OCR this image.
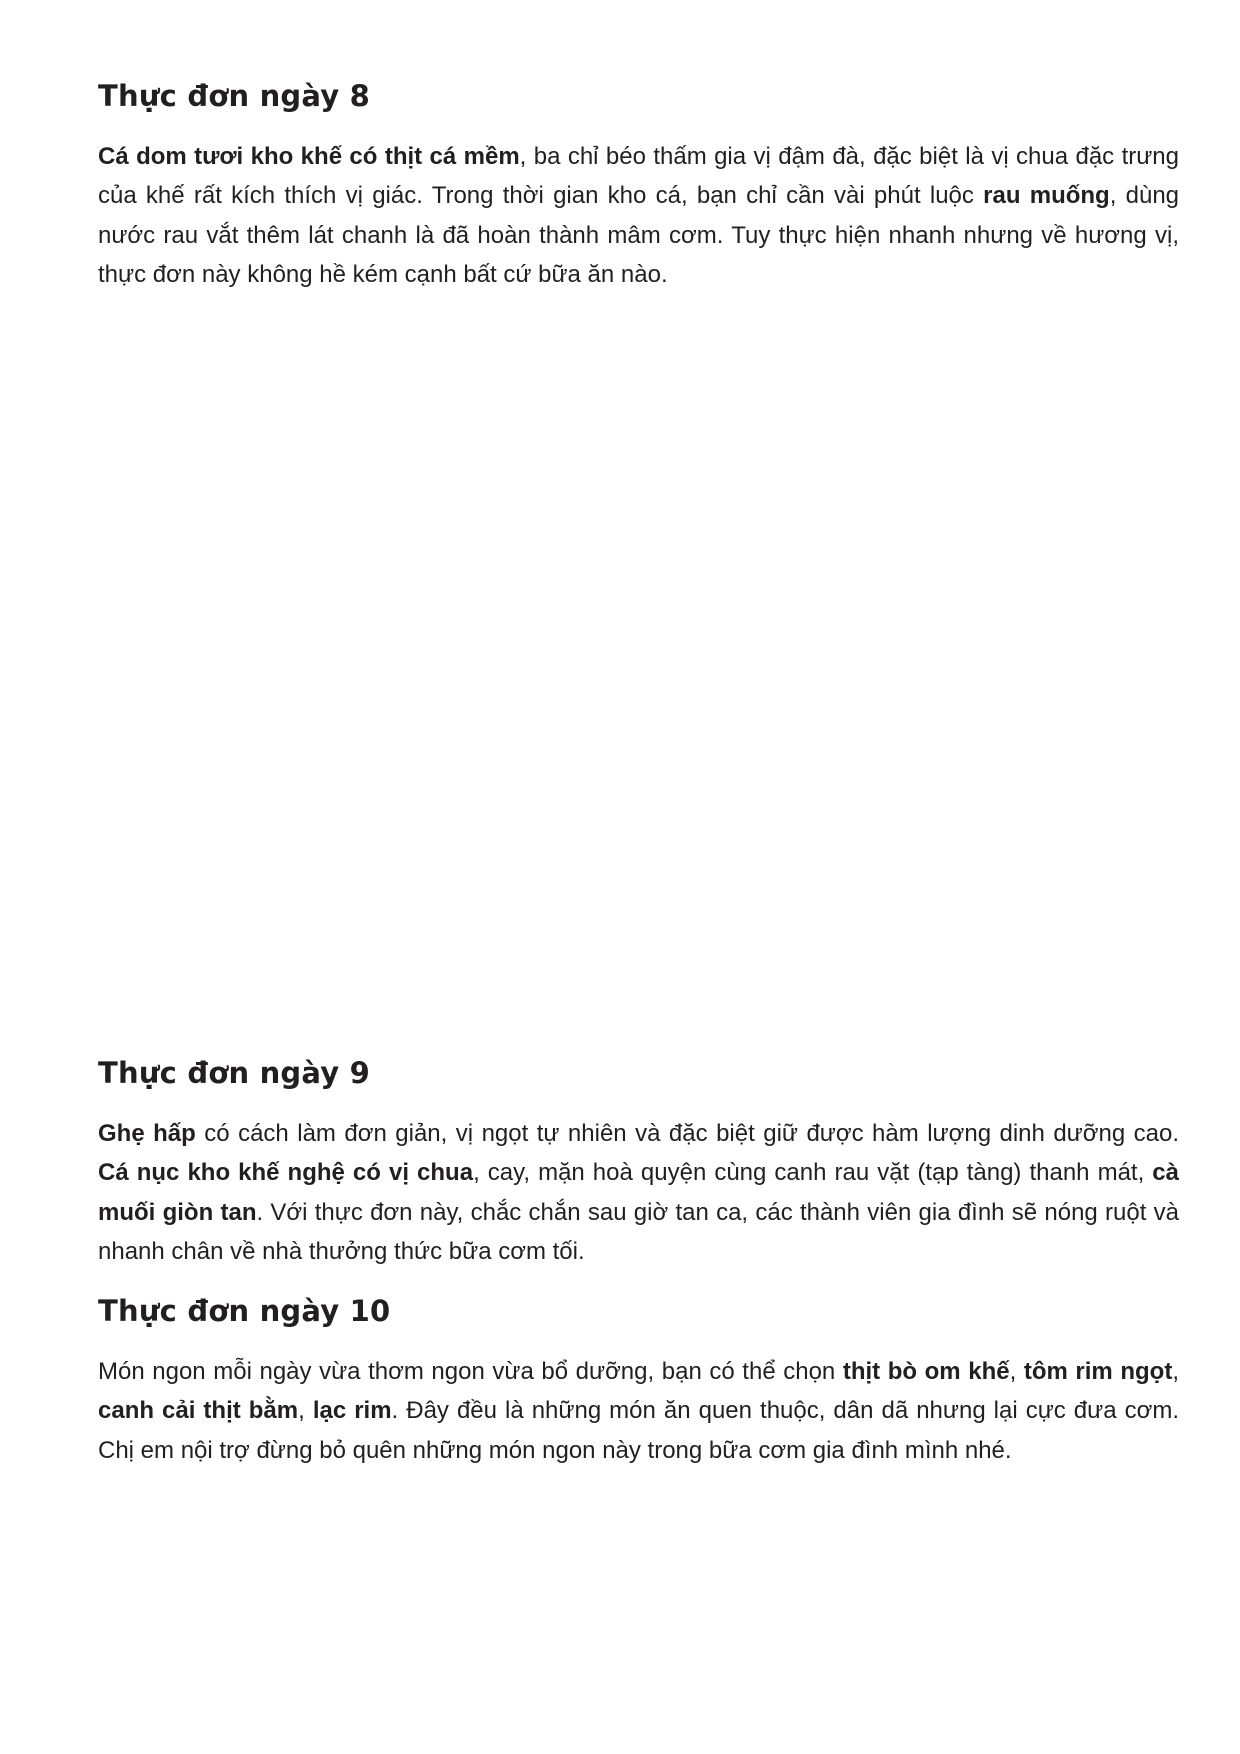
Thực đơn ngày 8

Cá dom tươi kho khế có thịt cá mềm, ba chỉ béo thấm gia vị đậm đà, đặc biệt là vị chua đặc trưng của khế rất kích thích vị giác. Trong thời gian kho cá, bạn chỉ cần vài phút luộc rau muống, dùng nước rau vắt thêm lát chanh là đã hoàn thành mâm cơm. Tuy thực hiện nhanh nhưng về hương vị, thực đơn này không hề kém cạnh bất cứ bữa ăn nào.

Thực đơn ngày 9

Ghẹ hấp có cách làm đơn giản, vị ngọt tự nhiên và đặc biệt giữ được hàm lượng dinh dưỡng cao. Cá nục kho khế nghệ có vị chua, cay, mặn hoà quyện cùng canh rau vặt (tạp tàng) thanh mát, cà muối giòn tan. Với thực đơn này, chắc chắn sau giờ tan ca, các thành viên gia đình sẽ nóng ruột và nhanh chân về nhà thưởng thức bữa cơm tối.

Thực đơn ngày 10

Món ngon mỗi ngày vừa thơm ngon vừa bổ dưỡng, bạn có thể chọn thịt bò om khế, tôm rim ngọt, canh cải thịt bằm, lạc rim. Đây đều là những món ăn quen thuộc, dân dã nhưng lại cực đưa cơm. Chị em nội trợ đừng bỏ quên những món ngon này trong bữa cơm gia đình mình nhé.
